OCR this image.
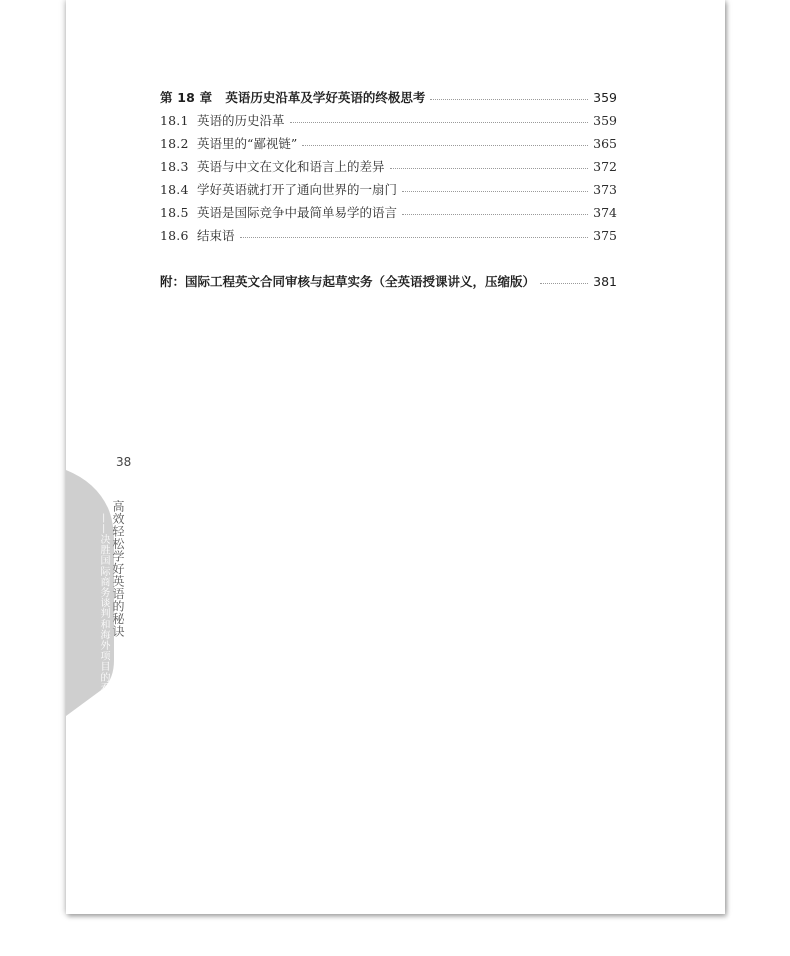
第 18 章 英语历史沿革及学好英语的终极思考	359
18.1 英语的历史沿革	359
18.2 英语里的“鄙视链”	365
18.3 英语与中文在文化和语言上的差异	372
18.4 学好英语就打开了通向世界的一扇门	373
18.5 英语是国际竞争中最简单易学的语言	374
18.6 结束语	375
附：国际工程英文合同审核与起草实务（全英语授课讲义，压缩版）	381
38
高效轻松学好英语的秘诀
——决胜国际商务谈判和海外项目的看家本领
